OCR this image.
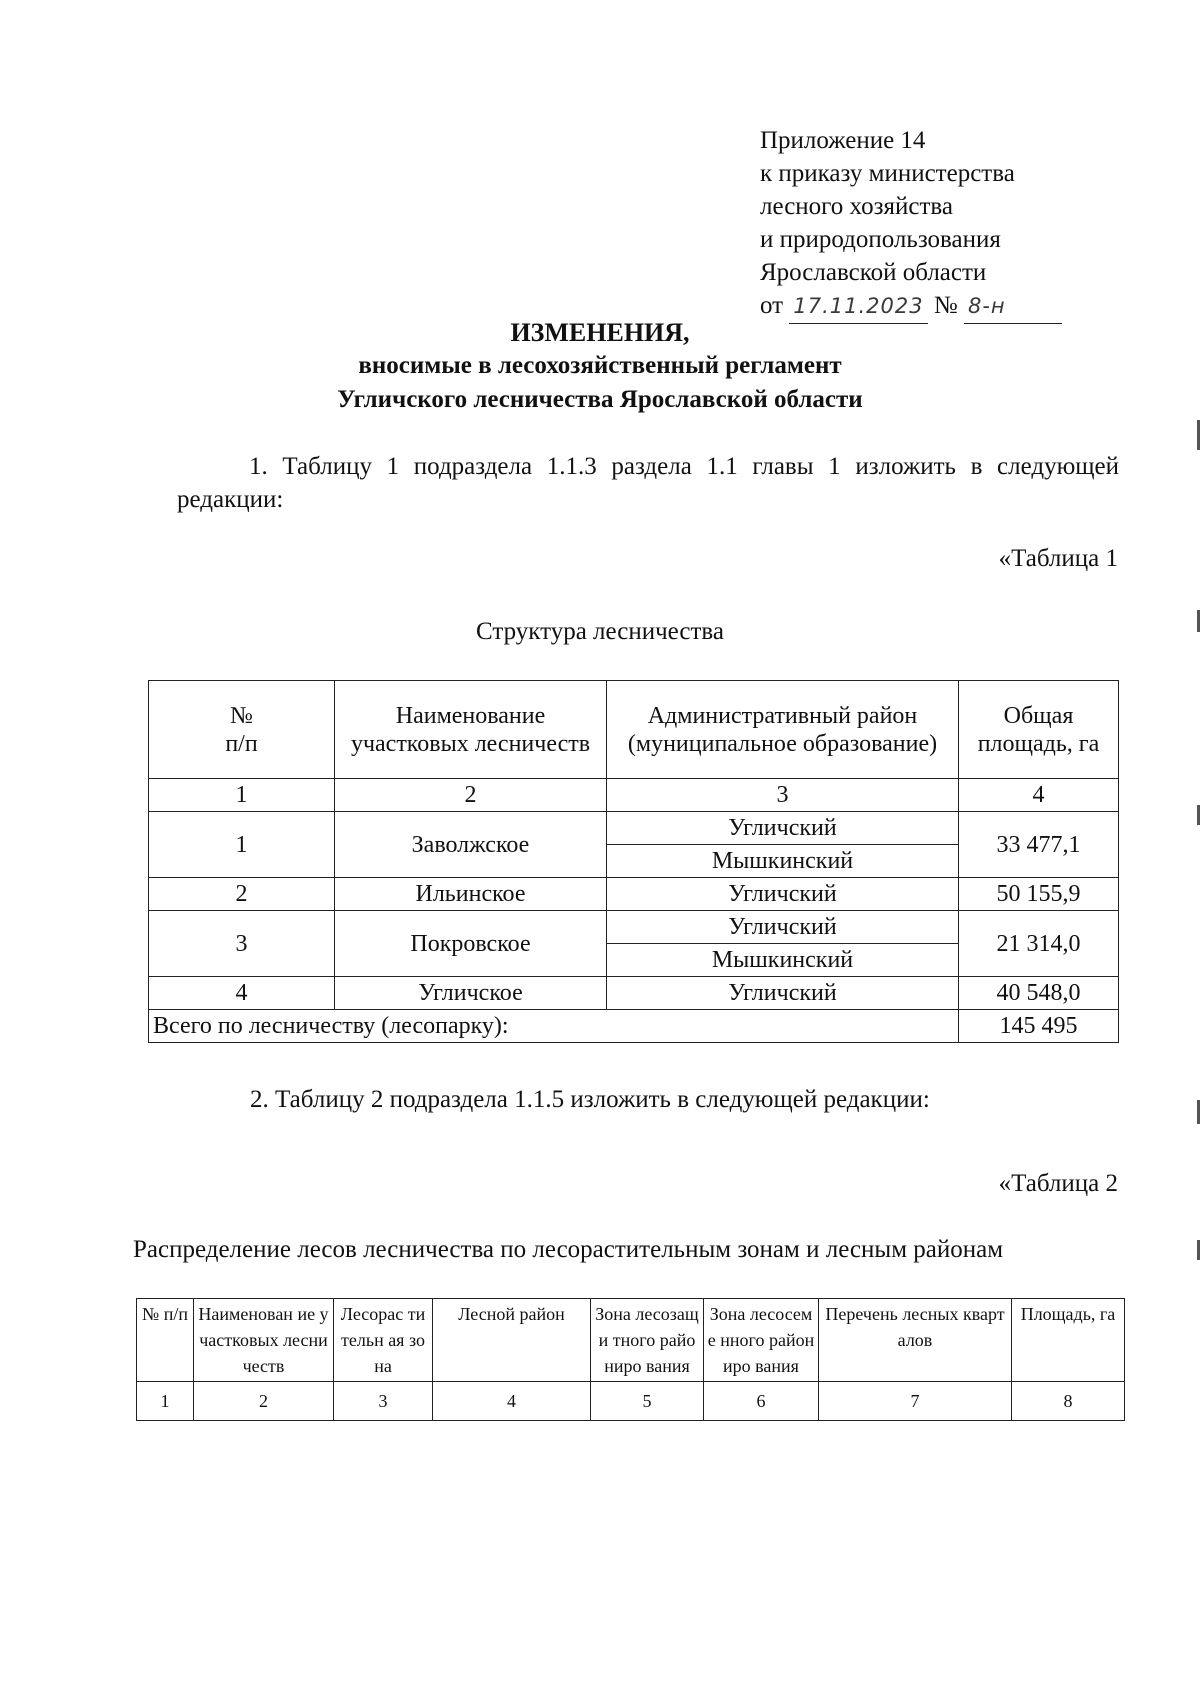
Приложение 14
к приказу министерства
лесного хозяйства
и природопользования
Ярославской области
от 17.11.2023 № 8-н
ИЗМЕНЕНИЯ,
вносимые в лесохозяйственный регламент
Угличского лесничества Ярославской области
1. Таблицу 1 подраздела 1.1.3 раздела 1.1 главы 1 изложить в следующей редакции:
«Таблица 1
Структура лесничества
№
п/п	Наименование участковых лесничеств	Административный район (муниципальное образование)	Общая площадь, га
1	2	3	4
1	Заволжское	Угличский	33 477,1
		Мышкинский	
2	Ильинское	Угличский	50 155,9
3	Покровское	Угличский	21 314,0
		Мышкинский	
4	Угличское	Угличский	40 548,0
Всего по лесничеству (лесопарку):			145 495
2. Таблицу 2 подраздела 1.1.5 изложить в следующей редакции:
«Таблица 2
Распределение лесов лесничества по лесорастительным зонам и лесным районам
№ п/п	Наименован ие участковых лесничеств	Лесорас тительн ая зона	Лесной район	Зона лесозащи тного райониро вания	Зона лесосеме нного райониро вания	Перечень лесных кварталов	Площадь, га
1	2	3	4	5	6	7	8
